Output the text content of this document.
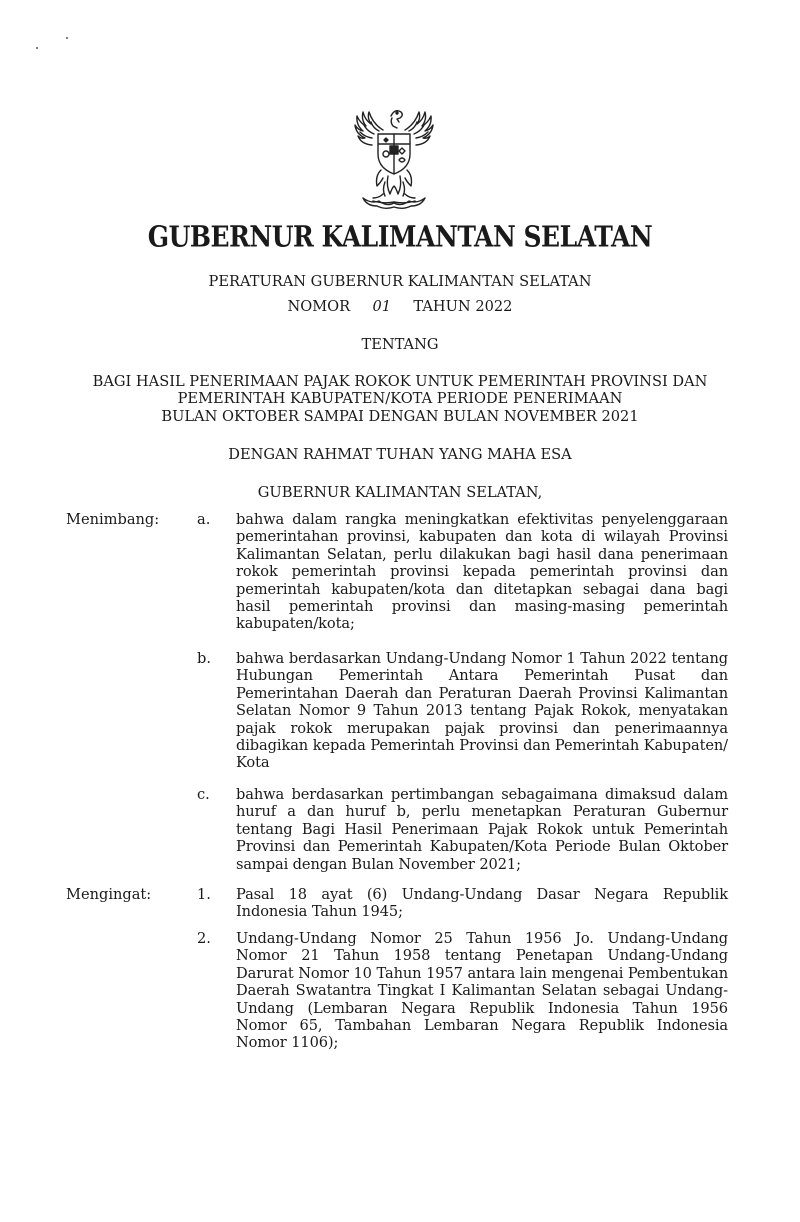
GUBERNUR KALIMANTAN SELATAN
PERATURAN GUBERNUR KALIMANTAN SELATAN
NOMOR 01 TAHUN 2022
TENTANG
BAGI HASIL PENERIMAAN PAJAK ROKOK UNTUK PEMERINTAH PROVINSI DAN
PEMERINTAH KABUPATEN/KOTA PERIODE PENERIMAAN
BULAN OKTOBER SAMPAI DENGAN BULAN NOVEMBER 2021
DENGAN RAHMAT TUHAN YANG MAHA ESA
GUBERNUR KALIMANTAN SELATAN,
Menimbang:	a. bahwa dalam rangka meningkatkan efektivitas penyelenggaraan pemerintahan provinsi, kabupaten dan kota di wilayah Provinsi Kalimantan Selatan, perlu dilakukan bagi hasil dana penerimaan rokok pemerintah provinsi kepada pemerintah provinsi dan pemerintah kabupaten/kota dan ditetapkan sebagai dana bagi hasil pemerintah provinsi dan masing-masing pemerintah kabupaten/kota;
b. bahwa berdasarkan Undang-Undang Nomor 1 Tahun 2022 tentang Hubungan Pemerintah Antara Pemerintah Pusat dan Pemerintahan Daerah dan Peraturan Daerah Provinsi Kalimantan Selatan Nomor 9 Tahun 2013 tentang Pajak Rokok, menyatakan pajak rokok merupakan pajak provinsi dan penerimaannya dibagikan kepada Pemerintah Provinsi dan Pemerintah Kabupaten/ Kota
c. bahwa berdasarkan pertimbangan sebagaimana dimaksud dalam huruf a dan huruf b, perlu menetapkan Peraturan Gubernur tentang Bagi Hasil Penerimaan Pajak Rokok untuk Pemerintah Provinsi dan Pemerintah Kabupaten/Kota Periode Bulan Oktober sampai dengan Bulan November 2021;
Mengingat:	1. Pasal 18 ayat (6) Undang-Undang Dasar Negara Republik Indonesia Tahun 1945;
2. Undang-Undang Nomor 25 Tahun 1956 Jo. Undang-Undang Nomor 21 Tahun 1958 tentang Penetapan Undang-Undang Darurat Nomor 10 Tahun 1957 antara lain mengenai Pembentukan Daerah Swatantra Tingkat I Kalimantan Selatan sebagai Undang-Undang (Lembaran Negara Republik Indonesia Tahun 1956 Nomor 65, Tambahan Lembaran Negara Republik Indonesia Nomor 1106);
